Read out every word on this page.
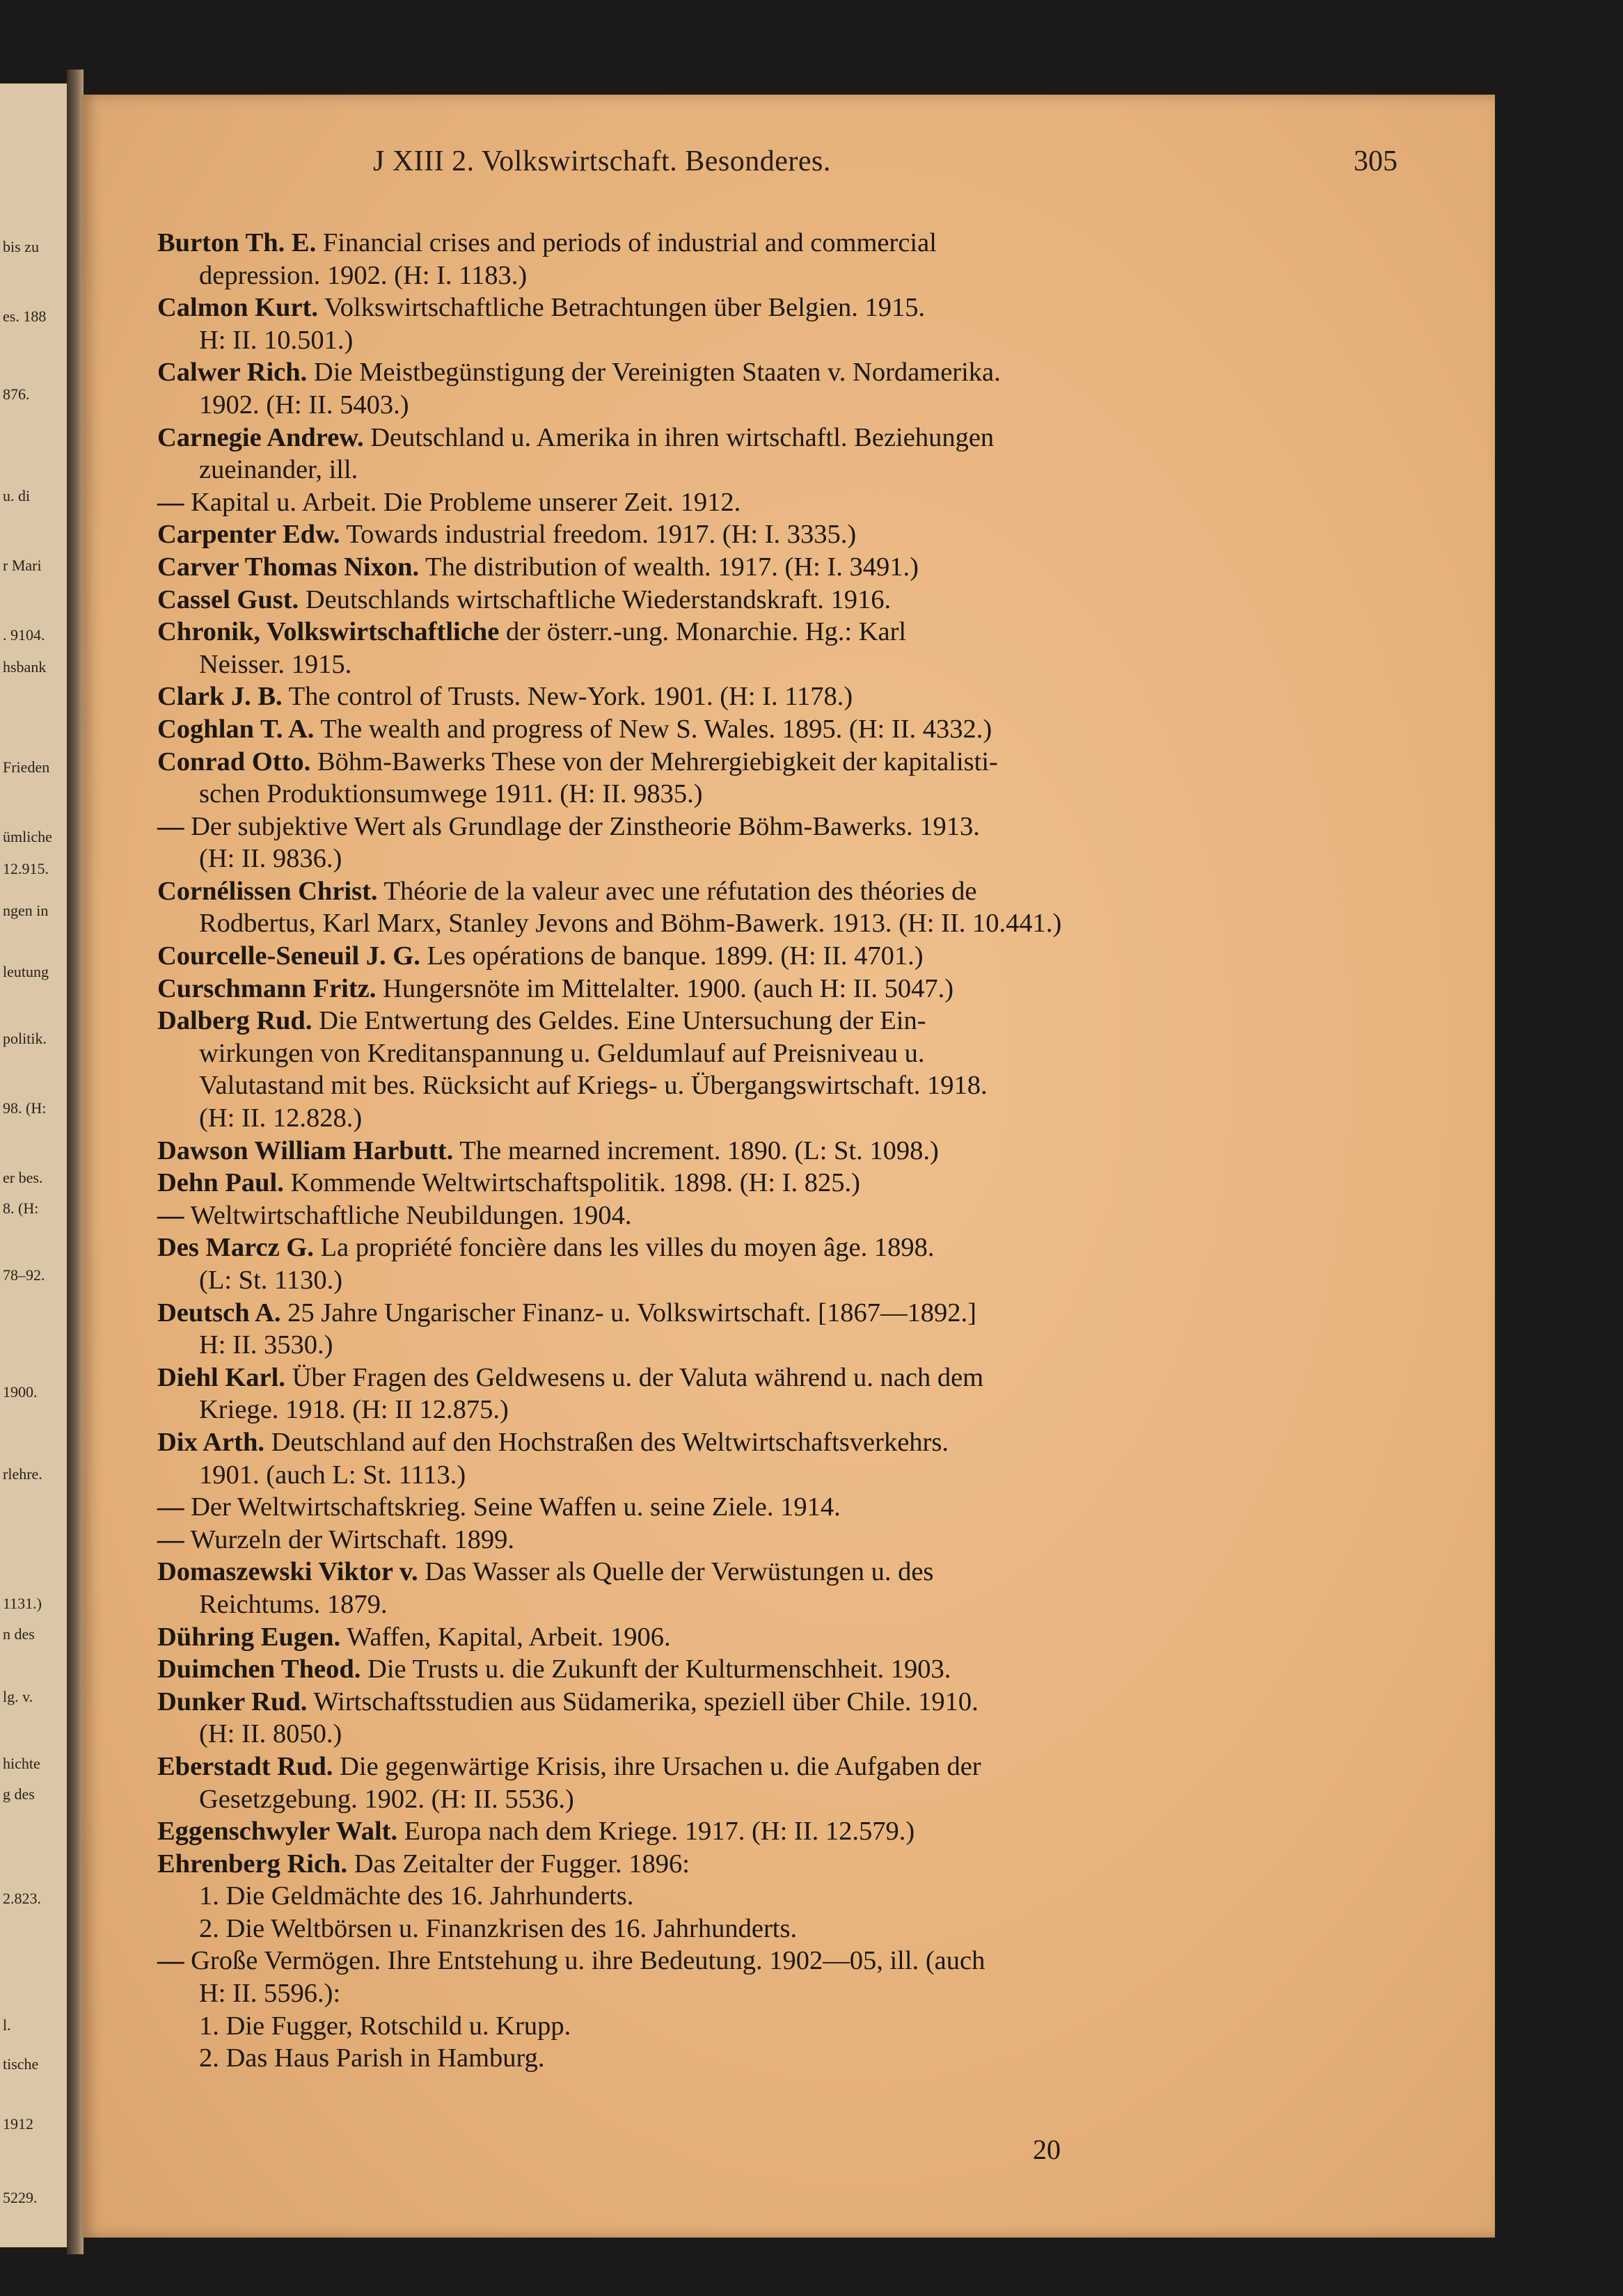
bis zu
es. 188
876.
u. di
r Mari
. 9104.
hsbank
Frieden
ümliche
12.915.
ngen in
leutung
politik.
98. (H:
er bes.
8. (H:
78–92.
1900.
rlehre.
1131.)
n des
lg. v.
hichte
g des
2.823.
l.
tische
1912
5229.
J XIII 2. Volkswirtschaft. Besonderes.	305
Burton Th. E. Financial crises and periods of industrial and commercial
depression. 1902. (H: I. 1183.)
Calmon Kurt. Volkswirtschaftliche Betrachtungen über Belgien. 1915.
H: II. 10.501.)
Calwer Rich. Die Meistbegünstigung der Vereinigten Staaten v. Nordamerika.
1902. (H: II. 5403.)
Carnegie Andrew. Deutschland u. Amerika in ihren wirtschaftl. Beziehungen
zueinander, ill.
— Kapital u. Arbeit. Die Probleme unserer Zeit. 1912.
Carpenter Edw. Towards industrial freedom. 1917. (H: I. 3335.)
Carver Thomas Nixon. The distribution of wealth. 1917. (H: I. 3491.)
Cassel Gust. Deutschlands wirtschaftliche Wiederstandskraft. 1916.
Chronik, Volkswirtschaftliche der österr.-ung. Monarchie. Hg.: Karl
Neisser. 1915.
Clark J. B. The control of Trusts. New-York. 1901. (H: I. 1178.)
Coghlan T. A. The wealth and progress of New S. Wales. 1895. (H: II. 4332.)
Conrad Otto. Böhm-Bawerks These von der Mehrergiebigkeit der kapitalisti-
schen Produktionsumwege 1911. (H: II. 9835.)
— Der subjektive Wert als Grundlage der Zinstheorie Böhm-Bawerks. 1913.
(H: II. 9836.)
Cornélissen Christ. Théorie de la valeur avec une réfutation des théories de
Rodbertus, Karl Marx, Stanley Jevons and Böhm-Bawerk. 1913. (H: II. 10.441.)
Courcelle-Seneuil J. G. Les opérations de banque. 1899. (H: II. 4701.)
Curschmann Fritz. Hungersnöte im Mittelalter. 1900. (auch H: II. 5047.)
Dalberg Rud. Die Entwertung des Geldes. Eine Untersuchung der Ein-
wirkungen von Kreditanspannung u. Geldumlauf auf Preisniveau u.
Valutastand mit bes. Rücksicht auf Kriegs- u. Übergangswirtschaft. 1918.
(H: II. 12.828.)
Dawson William Harbutt. The mearned increment. 1890. (L: St. 1098.)
Dehn Paul. Kommende Weltwirtschaftspolitik. 1898. (H: I. 825.)
— Weltwirtschaftliche Neubildungen. 1904.
Des Marcz G. La propriété foncière dans les villes du moyen âge. 1898.
(L: St. 1130.)
Deutsch A. 25 Jahre Ungarischer Finanz- u. Volkswirtschaft. [1867—1892.]
H: II. 3530.)
Diehl Karl. Über Fragen des Geldwesens u. der Valuta während u. nach dem
Kriege. 1918. (H: II 12.875.)
Dix Arth. Deutschland auf den Hochstraßen des Weltwirtschaftsverkehrs.
1901. (auch L: St. 1113.)
— Der Weltwirtschaftskrieg. Seine Waffen u. seine Ziele. 1914.
— Wurzeln der Wirtschaft. 1899.
Domaszewski Viktor v. Das Wasser als Quelle der Verwüstungen u. des
Reichtums. 1879.
Dühring Eugen. Waffen, Kapital, Arbeit. 1906.
Duimchen Theod. Die Trusts u. die Zukunft der Kulturmenschheit. 1903.
Dunker Rud. Wirtschaftsstudien aus Südamerika, speziell über Chile. 1910.
(H: II. 8050.)
Eberstadt Rud. Die gegenwärtige Krisis, ihre Ursachen u. die Aufgaben der
Gesetzgebung. 1902. (H: II. 5536.)
Eggenschwyler Walt. Europa nach dem Kriege. 1917. (H: II. 12.579.)
Ehrenberg Rich. Das Zeitalter der Fugger. 1896:
1. Die Geldmächte des 16. Jahrhunderts.
2. Die Weltbörsen u. Finanzkrisen des 16. Jahrhunderts.
— Große Vermögen. Ihre Entstehung u. ihre Bedeutung. 1902—05, ill. (auch
H: II. 5596.):
1. Die Fugger, Rotschild u. Krupp.
2. Das Haus Parish in Hamburg.
20
